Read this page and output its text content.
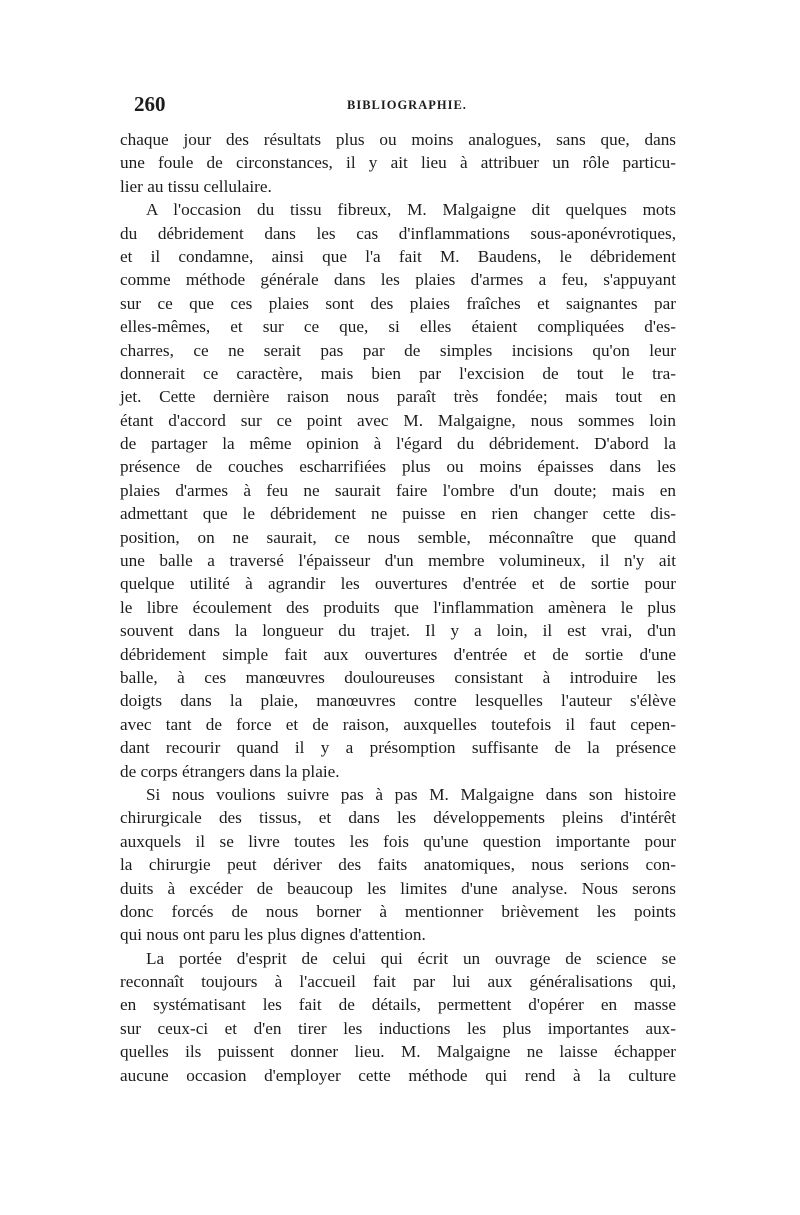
260	BIBLIOGRAPHIE.
chaque jour des résultats plus ou moins analogues, sans que, dans
une foule de circonstances, il y ait lieu à attribuer un rôle particu-
lier au tissu cellulaire.
A l'occasion du tissu fibreux, M. Malgaigne dit quelques mots
du débridement dans les cas d'inflammations sous-aponévrotiques,
et il condamne, ainsi que l'a fait M. Baudens, le débridement
comme méthode générale dans les plaies d'armes a feu, s'appuyant
sur ce que ces plaies sont des plaies fraîches et saignantes par
elles-mêmes, et sur ce que, si elles étaient compliquées d'es-
charres, ce ne serait pas par de simples incisions qu'on leur
donnerait ce caractère, mais bien par l'excision de tout le tra-
jet. Cette dernière raison nous paraît très fondée; mais tout en
étant d'accord sur ce point avec M. Malgaigne, nous sommes loin
de partager la même opinion à l'égard du débridement. D'abord la
présence de couches escharrifiées plus ou moins épaisses dans les
plaies d'armes à feu ne saurait faire l'ombre d'un doute; mais en
admettant que le débridement ne puisse en rien changer cette dis-
position, on ne saurait, ce nous semble, méconnaître que quand
une balle a traversé l'épaisseur d'un membre volumineux, il n'y ait
quelque utilité à agrandir les ouvertures d'entrée et de sortie pour
le libre écoulement des produits que l'inflammation amènera le plus
souvent dans la longueur du trajet. Il y a loin, il est vrai, d'un
débridement simple fait aux ouvertures d'entrée et de sortie d'une
balle, à ces manœuvres douloureuses consistant à introduire les
doigts dans la plaie, manœuvres contre lesquelles l'auteur s'élève
avec tant de force et de raison, auxquelles toutefois il faut cepen-
dant recourir quand il y a présomption suffisante de la présence
de corps étrangers dans la plaie.
Si nous voulions suivre pas à pas M. Malgaigne dans son histoire
chirurgicale des tissus, et dans les développements pleins d'intérêt
auxquels il se livre toutes les fois qu'une question importante pour
la chirurgie peut dériver des faits anatomiques, nous serions con-
duits à excéder de beaucoup les limites d'une analyse. Nous serons
donc forcés de nous borner à mentionner brièvement les points
qui nous ont paru les plus dignes d'attention.
La portée d'esprit de celui qui écrit un ouvrage de science se
reconnaît toujours à l'accueil fait par lui aux généralisations qui,
en systématisant les fait de détails, permettent d'opérer en masse
sur ceux-ci et d'en tirer les inductions les plus importantes aux-
quelles ils puissent donner lieu. M. Malgaigne ne laisse échapper
aucune occasion d'employer cette méthode qui rend à la culture
